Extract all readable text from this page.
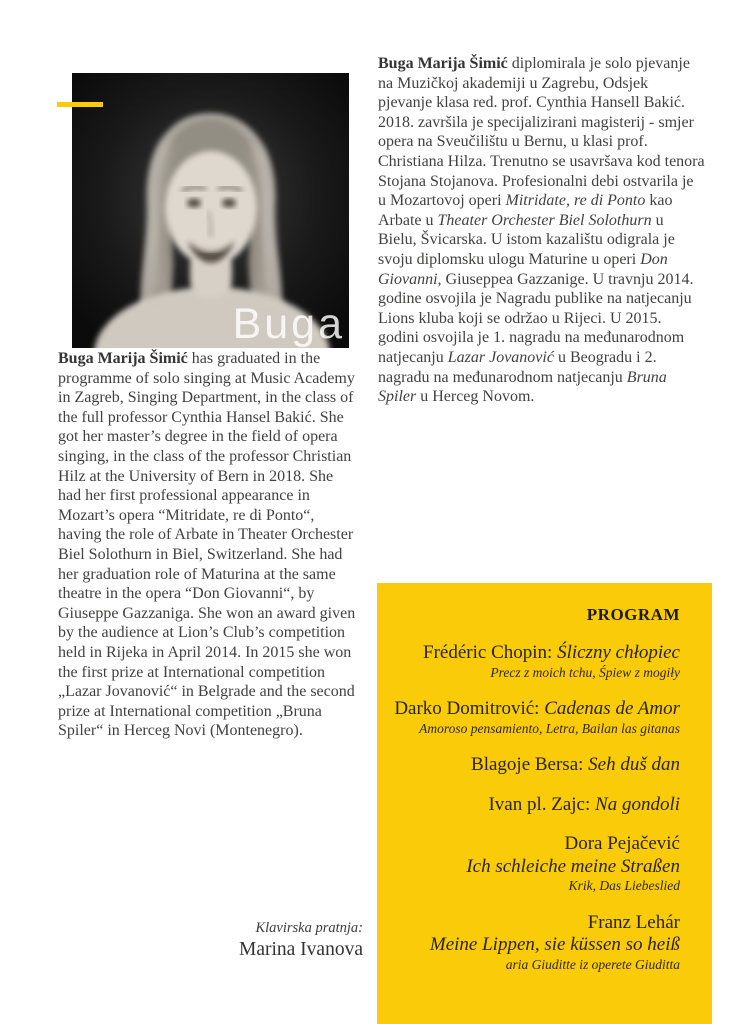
Buga
Buga Marija Šimić has graduated in the programme of solo singing at Music Academy in Zagreb, Singing Department, in the class of the full professor Cynthia Hansel Bakić. She got her master’s degree in the field of opera singing, in the class of the professor Christian Hilz at the University of Bern in 2018. She had her first professional appearance in Mozart’s opera “Mitridate, re di Ponto“, having the role of Arbate in Theater Orchester Biel Solothurn in Biel, Switzerland. She had her graduation role of Maturina at the same theatre in the opera “Don Giovanni“, by Giuseppe Gazzaniga. She won an award given by the audience at Lion’s Club’s competition held in Rijeka in April 2014. In 2015 she won the first prize at International competition „Lazar Jovanović“ in Belgrade and the second prize at International competition „Bruna Spiler“ in Herceg Novi (Montenegro).
Buga Marija Šimić diplomirala je solo pjevanje na Muzičkoj akademiji u Zagrebu, Odsjek pjevanje klasa red. prof. Cynthia Hansell Bakić. 2018. završila je specijalizirani magisterij - smjer opera na Sveučilištu u Bernu, u klasi prof. Christiana Hilza. Trenutno se usavršava kod tenora Stojana Stojanova. Profesionalni debi ostvarila je u Mozartovoj operi Mitridate, re di Ponto kao Arbate u Theater Orchester Biel Solothurn u Bielu, Švicarska. U istom kazalištu odigrala je svoju diplomsku ulogu Maturine u operi Don Giovanni, Giuseppea Gazzanige. U travnju 2014. godine osvojila je Nagradu publike na natjecanju Lions kluba koji se održao u Rijeci. U 2015. godini osvojila je 1. nagradu na međunarodnom natjecanju Lazar Jovanović u Beogradu i 2. nagradu na međunarodnom natjecanju Bruna Spiler u Herceg Novom.
PROGRAM
Frédéric Chopin: Śliczny chłopiec
Precz z moich tchu, Śpiew z mogiły
Darko Domitrović: Cadenas de Amor
Amoroso pensamiento, Letra, Bailan las gitanas
Blagoje Bersa: Seh duš dan
Ivan pl. Zajc: Na gondoli
Dora Pejačević
Ich schleiche meine Straßen
Krik, Das Liebeslied
Franz Lehár
Meine Lippen, sie küssen so heiß
aria Giuditte iz operete Giuditta
Klavirska pratnja:
Marina Ivanova
